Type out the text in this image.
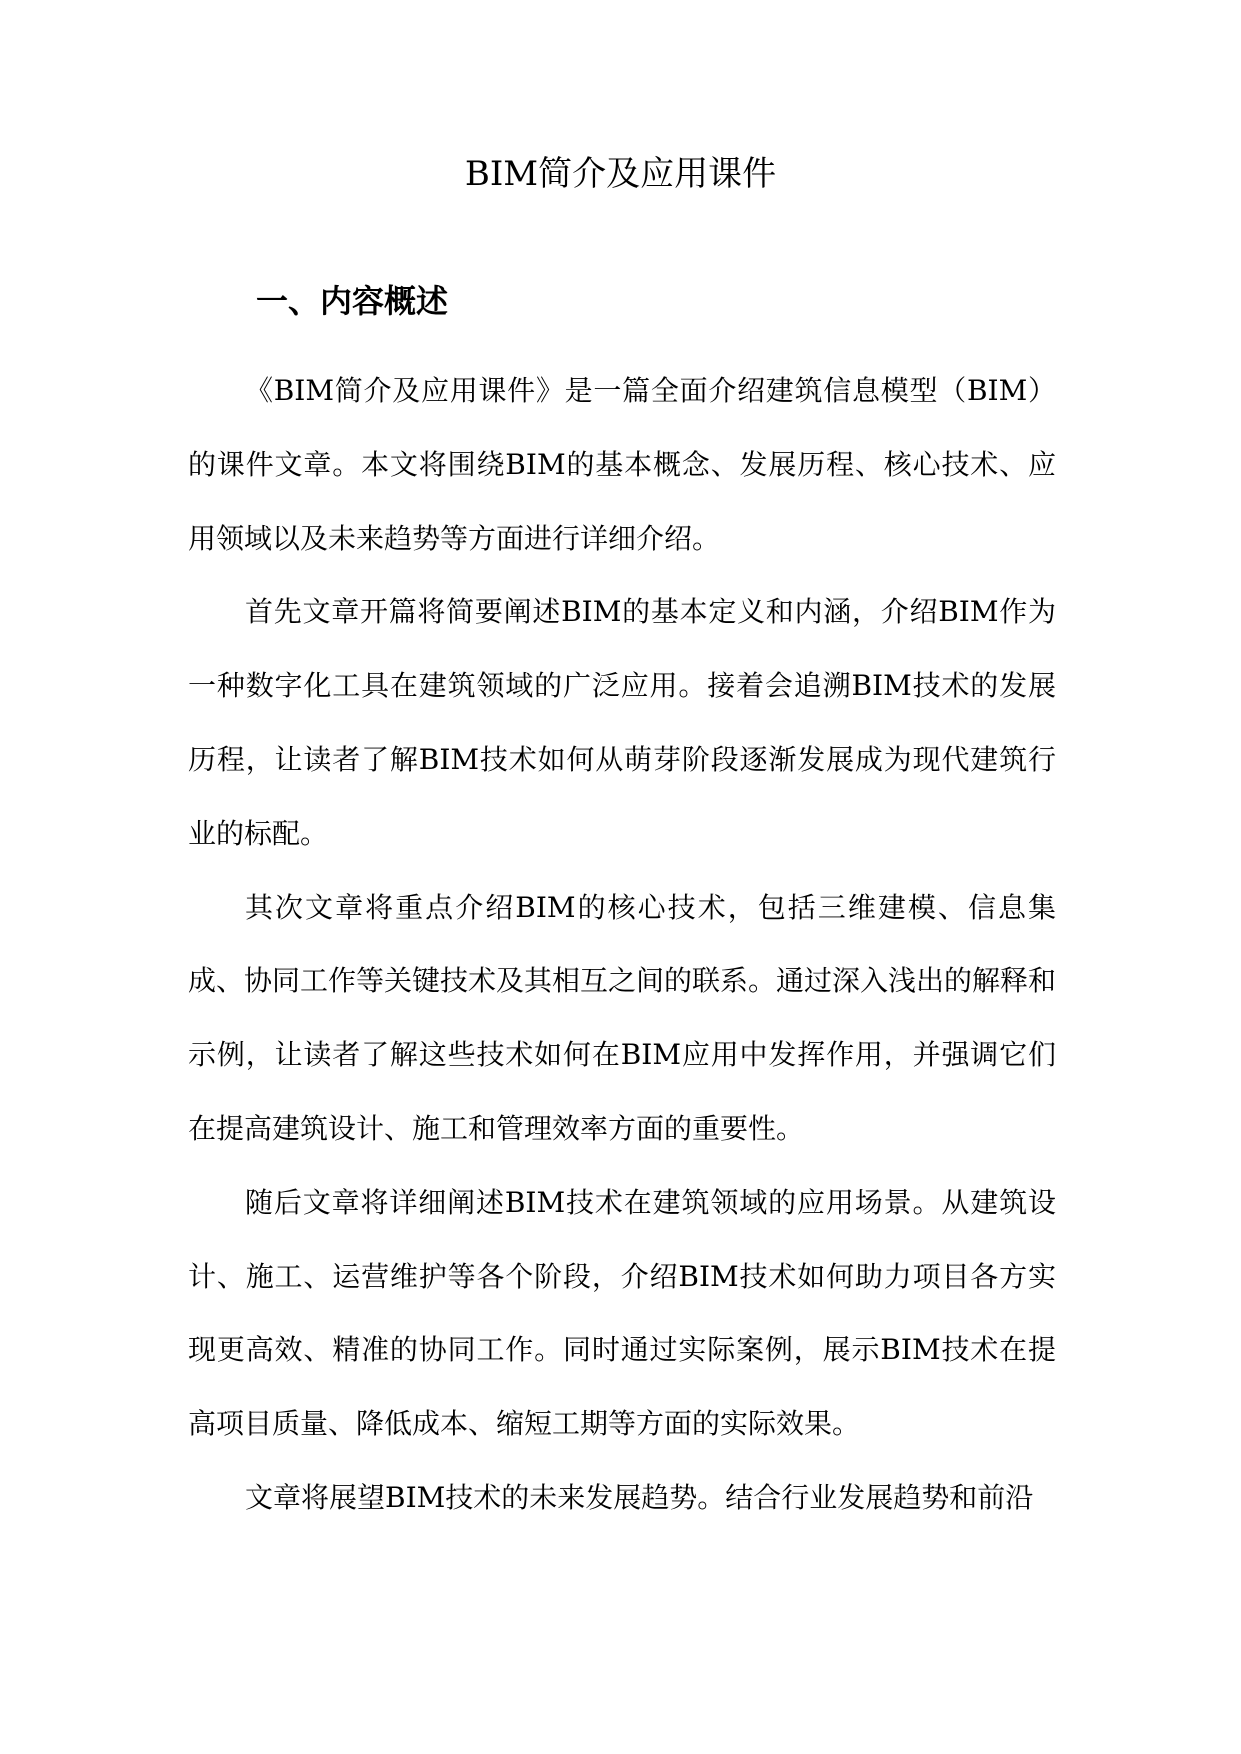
BIM简介及应用课件
一、内容概述

《BIM简介及应用课件》是一篇全面介绍建筑信息模型（BIM）的课件文章。本文将围绕BIM的基本概念、发展历程、核心技术、应用领域以及未来趋势等方面进行详细介绍。

首先文章开篇将简要阐述BIM的基本定义和内涵，介绍BIM作为一种数字化工具在建筑领域的广泛应用。接着会追溯BIM技术的发展历程，让读者了解BIM技术如何从萌芽阶段逐渐发展成为现代建筑行业的标配。

其次文章将重点介绍BIM的核心技术，包括三维建模、信息集成、协同工作等关键技术及其相互之间的联系。通过深入浅出的解释和示例，让读者了解这些技术如何在BIM应用中发挥作用，并强调它们在提高建筑设计、施工和管理效率方面的重要性。

随后文章将详细阐述BIM技术在建筑领域的应用场景。从建筑设计、施工、运营维护等各个阶段，介绍BIM技术如何助力项目各方实现更高效、精准的协同工作。同时通过实际案例，展示BIM技术在提高项目质量、降低成本、缩短工期等方面的实际效果。

文章将展望BIM技术的未来发展趋势。结合行业发展趋势和前沿
